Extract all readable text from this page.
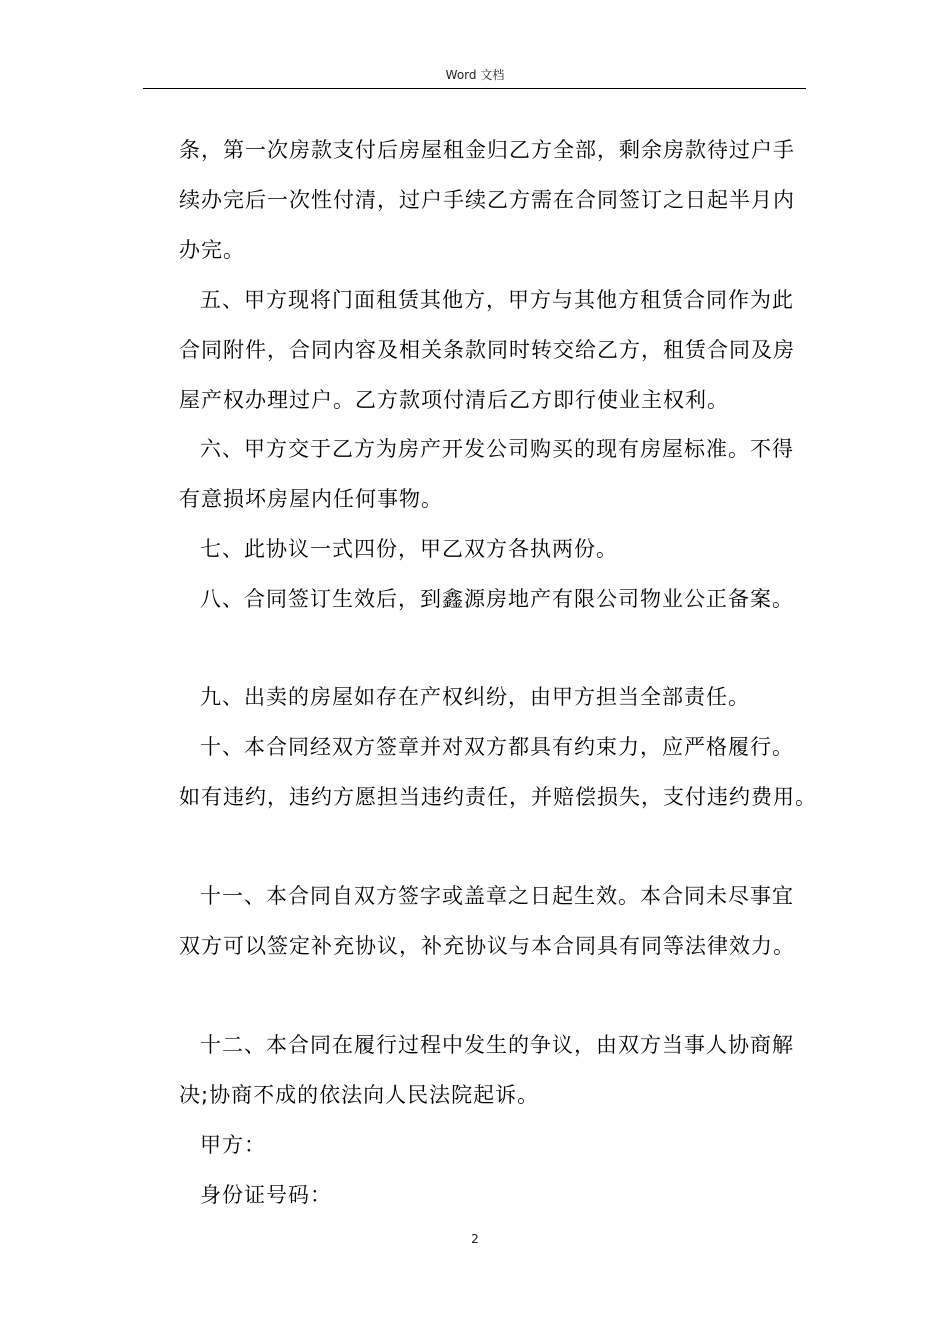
Word 文档
条，第一次房款支付后房屋租金归乙方全部，剩余房款待过户手
续办完后一次性付清，过户手续乙方需在合同签订之日起半月内
办完。
五、甲方现将门面租赁其他方，甲方与其他方租赁合同作为此
合同附件，合同内容及相关条款同时转交给乙方，租赁合同及房
屋产权办理过户。乙方款项付清后乙方即行使业主权利。
六、甲方交于乙方为房产开发公司购买的现有房屋标准。不得
有意损坏房屋内任何事物。
七、此协议一式四份，甲乙双方各执两份。
八、合同签订生效后，到鑫源房地产有限公司物业公正备案。
九、出卖的房屋如存在产权纠纷，由甲方担当全部责任。
十、本合同经双方签章并对双方都具有约束力，应严格履行。
如有违约，违约方愿担当违约责任，并赔偿损失，支付违约费用。
十一、本合同自双方签字或盖章之日起生效。本合同未尽事宜
双方可以签定补充协议，补充协议与本合同具有同等法律效力。
十二、本合同在履行过程中发生的争议，由双方当事人协商解
决;协商不成的依法向人民法院起诉。
甲方：
身份证号码：
2
